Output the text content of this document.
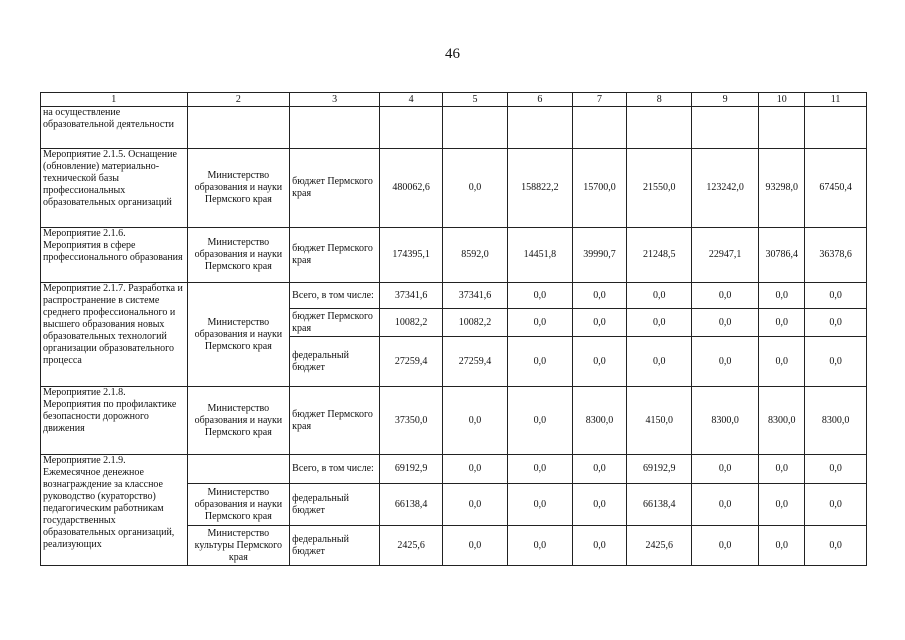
46
1	2	3	4	5	6	7	8	9	10	11
на осуществление образовательной деятельности										
Мероприятие 2.1.5. Оснащение (обновление) материально-технической базы профессиональных образовательных организаций	Министерство образования и науки Пермского края	бюджет Пермского края	480062,6	0,0	158822,2	15700,0	21550,0	123242,0	93298,0	67450,4
Мероприятие 2.1.6. Мероприятия в сфере профессионального образования	Министерство образования и науки Пермского края	бюджет Пермского края	174395,1	8592,0	14451,8	39990,7	21248,5	22947,1	30786,4	36378,6
Мероприятие 2.1.7. Разработка и распространение в системе среднего профессионального и высшего образования новых образовательных технологий организации образовательного процесса	Министерство образования и науки Пермского края	Всего, в том числе:	37341,6	37341,6	0,0	0,0	0,0	0,0	0,0	0,0
		бюджет Пермского края	10082,2	10082,2	0,0	0,0	0,0	0,0	0,0	0,0
		федеральный бюджет	27259,4	27259,4	0,0	0,0	0,0	0,0	0,0	0,0
Мероприятие 2.1.8. Мероприятия по профилактике безопасности дорожного движения	Министерство образования и науки Пермского края	бюджет Пермского края	37350,0	0,0	0,0	8300,0	4150,0	8300,0	8300,0	8300,0
Мероприятие 2.1.9. Ежемесячное денежное вознаграждение за классное руководство (кураторство) педагогическим работникам государственных образовательных организаций, реализующих		Всего, в том числе:	69192,9	0,0	0,0	0,0	69192,9	0,0	0,0	0,0
	Министерство образования и науки Пермского края	федеральный бюджет	66138,4	0,0	0,0	0,0	66138,4	0,0	0,0	0,0
	Министерство культуры Пермского края	федеральный бюджет	2425,6	0,0	0,0	0,0	2425,6	0,0	0,0	0,0
